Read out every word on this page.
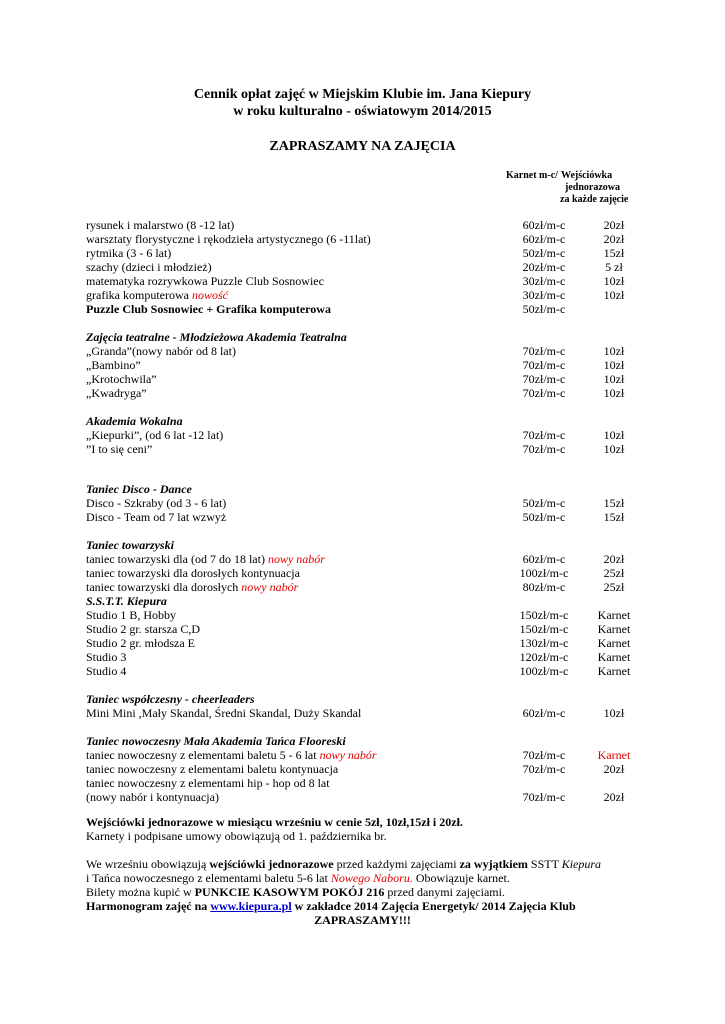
Cennik opłat zajęć w Miejskim Klubie im. Jana Kiepury
w roku kulturalno - oświatowym 2014/2015
ZAPRASZAMY NA ZAJĘCIA
Karnet m-c/ Wejściówka
jednorazowa
za każde zajęcie
rysunek i malarstwo (8 -12 lat)	60zł/m-c	20zł
warsztaty florystyczne i rękodzieła artystycznego (6 -11lat)	60zł/m-c	20zł
rytmika (3 - 6 lat)	50zł/m-c	15zł
szachy (dzieci i młodzież)	20zł/m-c	5 zł
matematyka rozrywkowa Puzzle Club Sosnowiec	30zł/m-c	10zł
grafika komputerowa nowość	30zł/m-c	10zł
Puzzle Club Sosnowiec + Grafika komputerowa	50zł/m-c
Zajęcia teatralne - Młodzieżowa Akademia Teatralna
„Granda”(nowy nabór od 8 lat)	70zł/m-c	10zł
„Bambino”	70zł/m-c	10zł
„Krotochwila”	70zł/m-c	10zł
„Kwadryga”	70zł/m-c	10zł
Akademia Wokalna
„Kiepurki”, (od 6 lat -12 lat)	70zł/m-c	10zł
”I to się ceni”	70zł/m-c	10zł
Taniec Disco - Dance
Disco - Szkraby (od 3 - 6 lat)	50zł/m-c	15zł
Disco - Team od 7 lat wzwyż	50zł/m-c	15zł
Taniec towarzyski
taniec towarzyski dla (od 7 do 18 lat) nowy nabór	60zł/m-c	20zł
taniec towarzyski dla dorosłych kontynuacja	100zł/m-c	25zł
taniec towarzyski dla dorosłych nowy nabór	80zł/m-c	25zł
S.S.T.T. Kiepura
Studio 1 B, Hobby	150zł/m-c	Karnet
Studio 2 gr. starsza C,D	150zł/m-c	Karnet
Studio 2 gr. młodsza E	130zł/m-c	Karnet
Studio 3	120zł/m-c	Karnet
Studio 4	100zł/m-c	Karnet
Taniec współczesny - cheerleaders
Mini Mini ,Mały Skandal, Średni Skandal, Duży Skandal	60zł/m-c	10zł
Taniec nowoczesny Mała Akademia Tańca Flooreski
taniec nowoczesny z elementami baletu 5 - 6 lat nowy nabór	70zł/m-c	Karnet
taniec nowoczesny z elementami baletu kontynuacja	70zł/m-c	20zł
taniec nowoczesny z elementami hip - hop od 8 lat
(nowy nabór i kontynuacja)	70zł/m-c	20zł
Wejściówki jednorazowe w miesiącu wrześniu w cenie 5zł, 10zł,15zł i 20zł.
Karnety i podpisane umowy obowiązują od 1. października br.
We wrześniu obowiązują wejściówki jednorazowe przed każdymi zajęciami za wyjątkiem SSTT Kiepura
i Tańca nowoczesnego z elementami baletu 5-6 lat Nowego Naboru. Obowiązuje karnet.
Bilety można kupić w PUNKCIE KASOWYM POKÓJ 216 przed danymi zajęciami.
Harmonogram zajęć na www.kiepura.pl w zakładce 2014 Zajęcia Energetyk/ 2014 Zajęcia Klub
ZAPRASZAMY!!!
